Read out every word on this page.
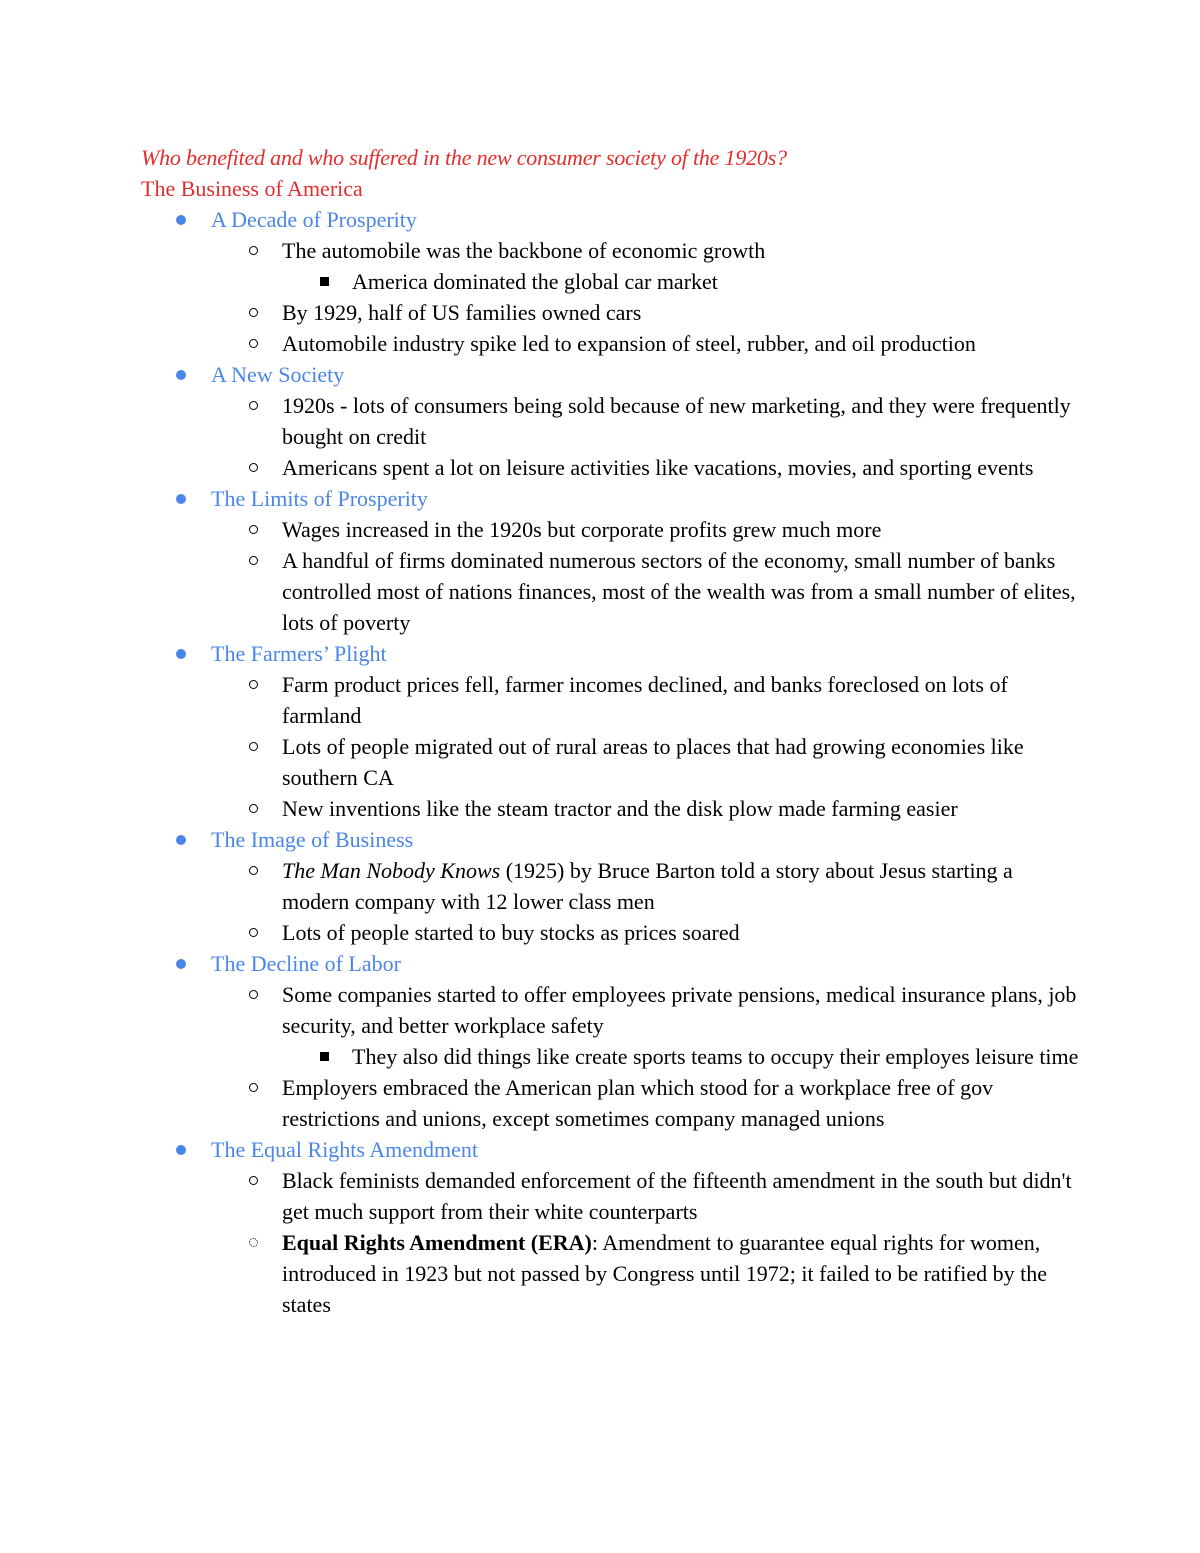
Who benefited and who suffered in the new consumer society of the 1920s?
The Business of America
A Decade of Prosperity
The automobile was the backbone of economic growth
America dominated the global car market
By 1929, half of US families owned cars
Automobile industry spike led to expansion of steel, rubber, and oil production
A New Society
1920s - lots of consumers being sold because of new marketing, and they were frequently bought on credit
Americans spent a lot on leisure activities like vacations, movies, and sporting events
The Limits of Prosperity
Wages increased in the 1920s but corporate profits grew much more
A handful of firms dominated numerous sectors of the economy, small number of banks controlled most of nations finances, most of the wealth was from a small number of elites, lots of poverty
The Farmers’ Plight
Farm product prices fell, farmer incomes declined, and banks foreclosed on lots of farmland
Lots of people migrated out of rural areas to places that had growing economies like southern CA
New inventions like the steam tractor and the disk plow made farming easier
The Image of Business
The Man Nobody Knows (1925) by Bruce Barton told a story about Jesus starting a modern company with 12 lower class men
Lots of people started to buy stocks as prices soared
The Decline of Labor
Some companies started to offer employees private pensions, medical insurance plans, job security, and better workplace safety
They also did things like create sports teams to occupy their employes leisure time
Employers embraced the American plan which stood for a workplace free of gov restrictions and unions, except sometimes company managed unions
The Equal Rights Amendment
Black feminists demanded enforcement of the fifteenth amendment in the south but didn't get much support from their white counterparts
Equal Rights Amendment (ERA): Amendment to guarantee equal rights for women, introduced in 1923 but not passed by Congress until 1972; it failed to be ratified by the states
